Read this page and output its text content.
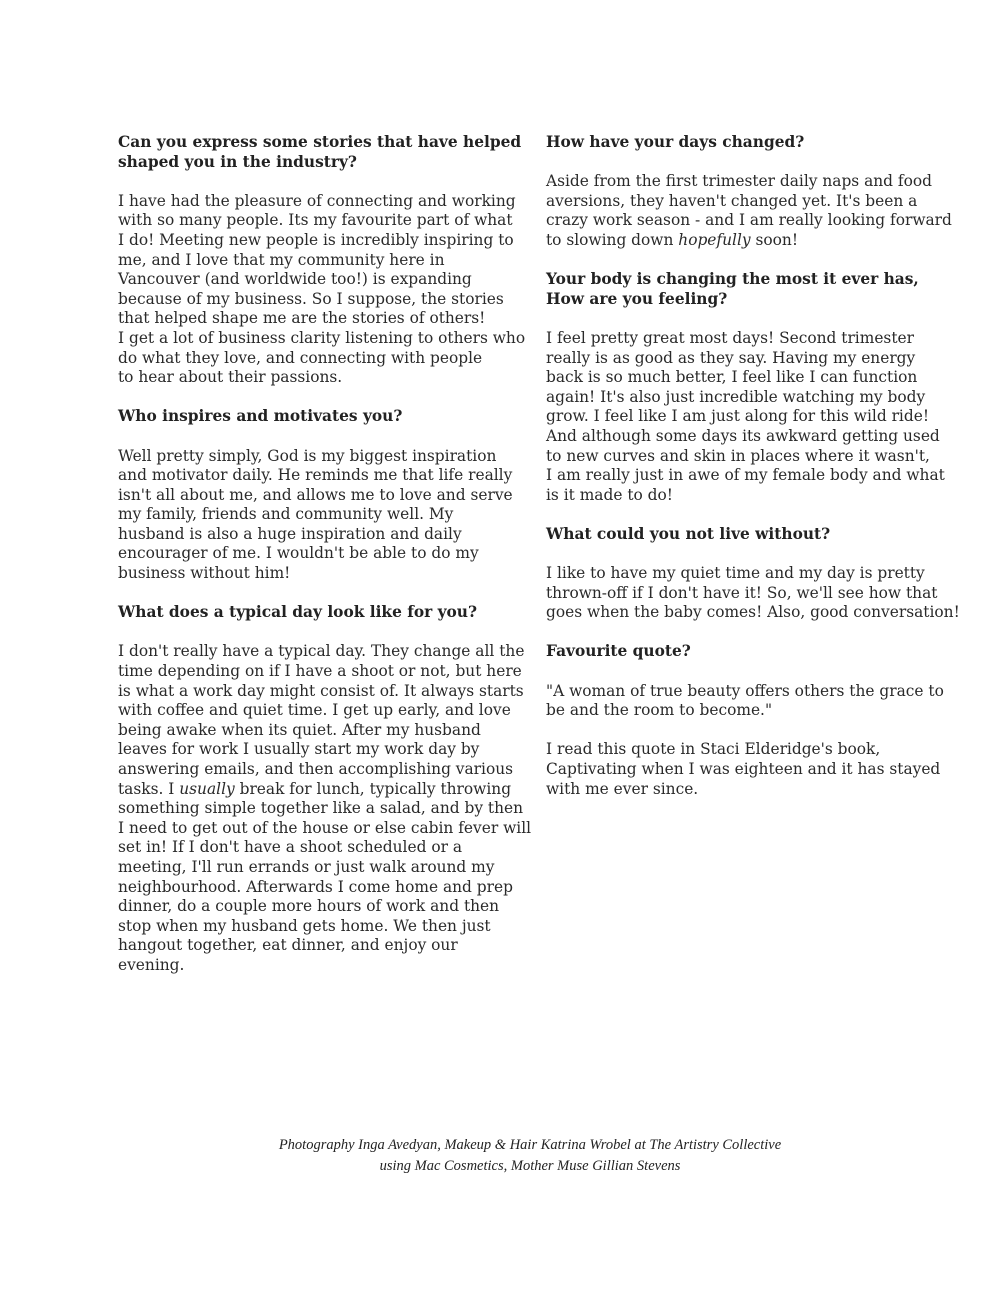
Can you express some stories that have helped
shaped you in the industry?

I have had the pleasure of connecting and working
with so many people. Its my favourite part of what
I do! Meeting new people is incredibly inspiring to
me, and I love that my community here in
Vancouver (and worldwide too!) is expanding
because of my business. So I suppose, the stories
that helped shape me are the stories of others!
I get a lot of business clarity listening to others who
do what they love, and connecting with people
to hear about their passions.

Who inspires and motivates you?

Well pretty simply, God is my biggest inspiration
and motivator daily. He reminds me that life really
isn't all about me, and allows me to love and serve
my family, friends and community well. My
husband is also a huge inspiration and daily
encourager of me. I wouldn't be able to do my
business without him!

What does a typical day look like for you?

I don't really have a typical day. They change all the
time depending on if I have a shoot or not, but here
is what a work day might consist of. It always starts
with coffee and quiet time. I get up early, and love
being awake when its quiet. After my husband
leaves for work I usually start my work day by
answering emails, and then accomplishing various
tasks. I usually break for lunch, typically throwing
something simple together like a salad, and by then
I need to get out of the house or else cabin fever will
set in! If I don't have a shoot scheduled or a
meeting, I'll run errands or just walk around my
neighbourhood. Afterwards I come home and prep
dinner, do a couple more hours of work and then
stop when my husband gets home. We then just
hangout together, eat dinner, and enjoy our
evening.

How have your days changed?

Aside from the first trimester daily naps and food
aversions, they haven't changed yet. It's been a
crazy work season - and I am really looking forward
to slowing down hopefully soon!

Your body is changing the most it ever has,
How are you feeling?

I feel pretty great most days! Second trimester
really is as good as they say. Having my energy
back is so much better, I feel like I can function
again! It's also just incredible watching my body
grow. I feel like I am just along for this wild ride!
And although some days its awkward getting used
to new curves and skin in places where it wasn't,
I am really just in awe of my female body and what
is it made to do!

What could you not live without?

I like to have my quiet time and my day is pretty
thrown-off if I don't have it! So, we'll see how that
goes when the baby comes! Also, good conversation!

Favourite quote?

"A woman of true beauty offers others the grace to
be and the room to become."

I read this quote in Staci Elderidge's book,
Captivating when I was eighteen and it has stayed
with me ever since.

Photography Inga Avedyan, Makeup & Hair Katrina Wrobel at The Artistry Collective
using Mac Cosmetics, Mother Muse Gillian Stevens
